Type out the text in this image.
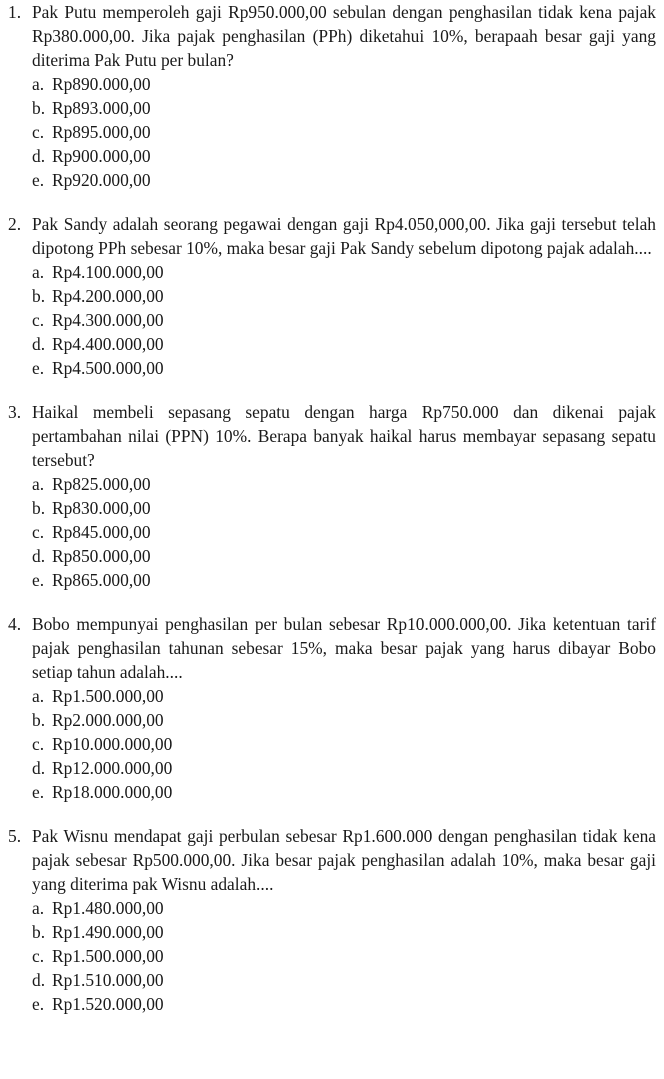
1. Pak Putu memperoleh gaji Rp950.000,00 sebulan dengan penghasilan tidak kena pajak Rp380.000,00. Jika pajak penghasilan (PPh) diketahui 10%, berapaah besar gaji yang diterima Pak Putu per bulan?
a. Rp890.000,00
b. Rp893.000,00
c. Rp895.000,00
d. Rp900.000,00
e. Rp920.000,00
2. Pak Sandy adalah seorang pegawai dengan gaji Rp4.050,000,00. Jika gaji tersebut telah dipotong PPh sebesar 10%, maka besar gaji Pak Sandy sebelum dipotong pajak adalah....
a. Rp4.100.000,00
b. Rp4.200.000,00
c. Rp4.300.000,00
d. Rp4.400.000,00
e. Rp4.500.000,00
3. Haikal membeli sepasang sepatu dengan harga Rp750.000 dan dikenai pajak pertambahan nilai (PPN) 10%. Berapa banyak haikal harus membayar sepasang sepatu tersebut?
a. Rp825.000,00
b. Rp830.000,00
c. Rp845.000,00
d. Rp850.000,00
e. Rp865.000,00
4. Bobo mempunyai penghasilan per bulan sebesar Rp10.000.000,00. Jika ketentuan tarif pajak penghasilan tahunan sebesar 15%, maka besar pajak yang harus dibayar Bobo setiap tahun adalah....
a. Rp1.500.000,00
b. Rp2.000.000,00
c. Rp10.000.000,00
d. Rp12.000.000,00
e. Rp18.000.000,00
5. Pak Wisnu mendapat gaji perbulan sebesar Rp1.600.000 dengan penghasilan tidak kena pajak sebesar Rp500.000,00. Jika besar pajak penghasilan adalah 10%, maka besar gaji yang diterima pak Wisnu adalah....
a. Rp1.480.000,00
b. Rp1.490.000,00
c. Rp1.500.000,00
d. Rp1.510.000,00
e. Rp1.520.000,00
